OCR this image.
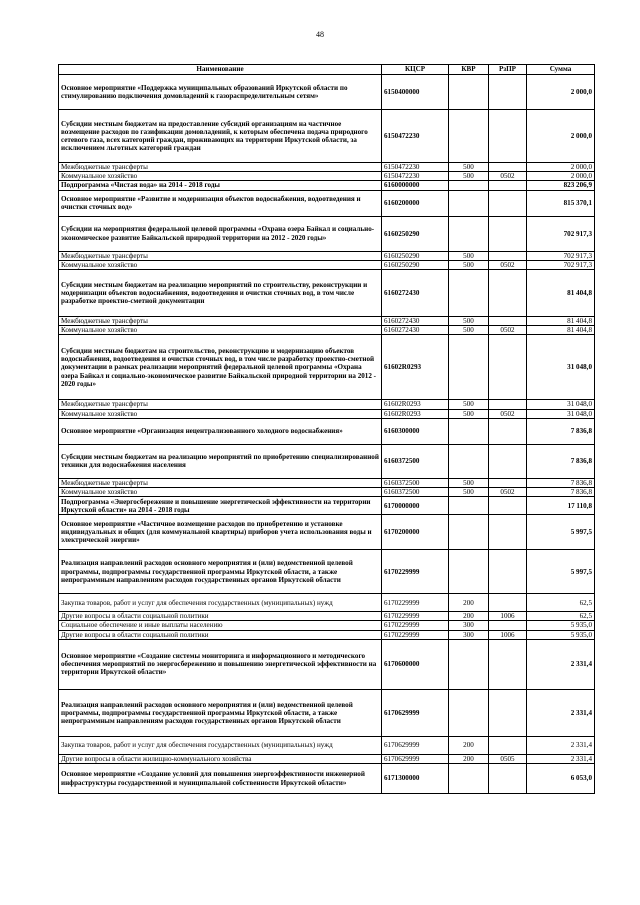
48
Наименование	КЦСР	КВР	РзПР	Сумма
Основное мероприятие «Поддержка муниципальных образований Иркутской области по стимулированию подключения домовладений к газораспределительным сетям»	6150400000			2 000,0
Субсидии местным бюджетам на предоставление субсидий организациям на частичное возмещение расходов по газификации домовладений, к которым обеспечена подача природного сетевого газа, всех категорий граждан, проживающих на территории Иркутской области, за исключением льготных категорий граждан	6150472230			2 000,0
Межбюджетные трансферты	6150472230	500		2 000,0
Коммунальное хозяйство	6150472230	500	0502	2 000,0
Подпрограмма «Чистая вода» на 2014 - 2018 годы	6160000000			823 206,9
Основное мероприятие «Развитие и модернизация объектов водоснабжения, водоотведения и очистки сточных вод»	6160200000			815 370,1
Субсидии на мероприятия федеральной целевой программы «Охрана озера Байкал и социально-экономическое развитие Байкальской природной территории на 2012 - 2020 годы»	6160250290			702 917,3
Межбюджетные трансферты	6160250290	500		702 917,3
Коммунальное хозяйство	6160250290	500	0502	702 917,3
Субсидии местным бюджетам на реализацию мероприятий по строительству, реконструкции и модернизации объектов водоснабжения, водоотведения и очистки сточных вод, в том числе разработке проектно-сметной документации	6160272430			81 404,8
Межбюджетные трансферты	6160272430	500		81 404,8
Коммунальное хозяйство	6160272430	500	0502	81 404,8
Субсидии местным бюджетам на строительство, реконструкцию и модернизацию объектов водоснабжения, водоотведения и очистки сточных вод, в том числе разработку проектно-сметной документации в рамках реализации мероприятий федеральной целевой программы «Охрана озера Байкал и социально-экономическое развитие Байкальской природной территории на 2012 - 2020 годы»	61602R0293			31 048,0
Межбюджетные трансферты	61602R0293	500		31 048,0
Коммунальное хозяйство	61602R0293	500	0502	31 048,0
Основное мероприятие «Организация нецентрализованного холодного водоснабжения»	6160300000			7 836,8
Субсидии местным бюджетам на реализацию мероприятий по приобретению специализированной техники для водоснабжения населения	6160372500			7 836,8
Межбюджетные трансферты	6160372500	500		7 836,8
Коммунальное хозяйство	6160372500	500	0502	7 836,8
Подпрограмма «Энергосбережение и повышение энергетической эффективности на территории Иркутской области» на 2014 - 2018 годы	6170000000			17 110,8
Основное мероприятие «Частичное возмещение расходов по приобретению и установке индивидуальных и общих (для коммунальной квартиры) приборов учета использования воды и электрической энергии»	6170200000			5 997,5
Реализация направлений расходов основного мероприятия и (или) ведомственной целевой программы, подпрограммы государственной программы Иркутской области, а также непрограммным направлениям расходов государственных органов Иркутской области	6170229999			5 997,5
Закупка товаров, работ и услуг для обеспечения государственных (муниципальных) нужд	6170229999	200		62,5
Другие вопросы в области социальной политики	6170229999	200	1006	62,5
Социальное обеспечение и иные выплаты населению	6170229999	300		5 935,0
Другие вопросы в области социальной политики	6170229999	300	1006	5 935,0
Основное мероприятие «Создание системы мониторинга и информационного и методического обеспечения мероприятий по энергосбережению и повышению энергетической эффективности на территории Иркутской области»	6170600000			2 331,4
Реализация направлений расходов основного мероприятия и (или) ведомственной целевой программы, подпрограммы государственной программы Иркутской области, а также непрограммным направлениям расходов государственных органов Иркутской области	6170629999			2 331,4
Закупка товаров, работ и услуг для обеспечения государственных (муниципальных) нужд	6170629999	200		2 331,4
Другие вопросы в области жилищно-коммунального хозяйства	6170629999	200	0505	2 331,4
Основное мероприятие «Создание условий для повышения энергоэффективности инженерной инфраструктуры государственной и муниципальной собственности Иркутской области»	6171300000			6 053,0
